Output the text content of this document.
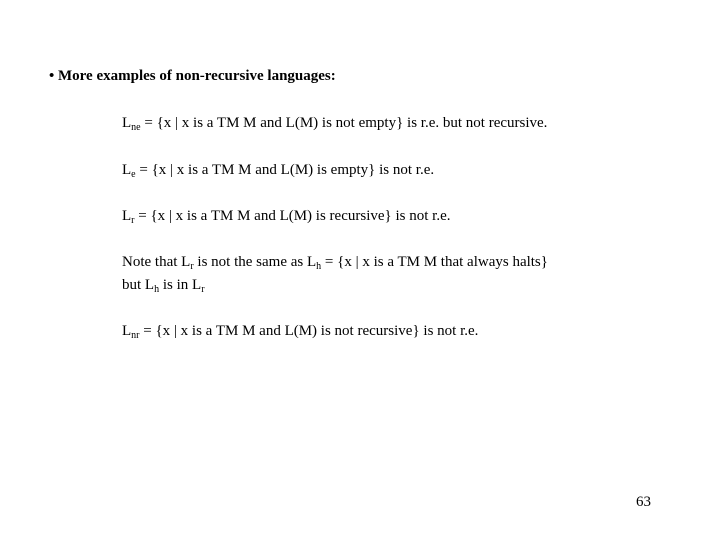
• More examples of non-recursive languages:
$L_{ne} = \{x$ | x is a TM M and L(M) is not empty} is r.e. but not recursive.
$L_e = \{x$ | x is a TM M and L(M) is empty} is not r.e.
$L_r = \{x$ | x is a TM M and L(M) is recursive} is not r.e.
Note that $L_r$ is not the same as $L_h = \{x$ | x is a TM M that always halts}
but $L_h$ is in $L_r$
$L_{nr} = \{x$ | x is a TM M and L(M) is not recursive} is not r.e.
63
